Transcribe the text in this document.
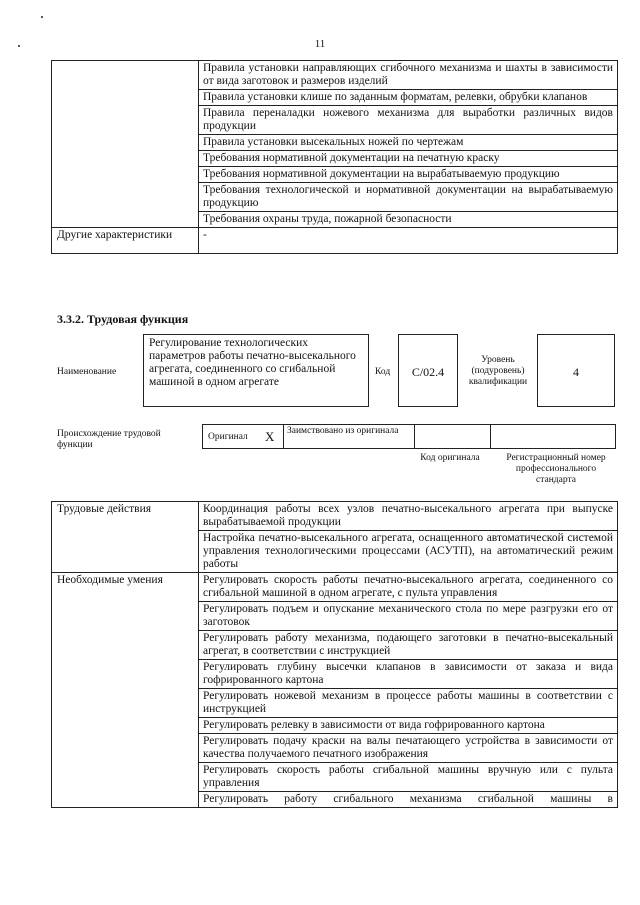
11
	Правила установки направляющих сгибочного механизма и шахты в зависимости от вида заготовок и размеров изделий
	Правила установки клише по заданным форматам, релевки, обрубки клапанов
	Правила переналадки ножевого механизма для выработки различных видов продукции
	Правила установки высекальных ножей по чертежам
	Требования нормативной документации на печатную краску
	Требования нормативной документации на вырабатываемую продукцию
	Требования технологической и нормативной документации на вырабатываемую продукцию
	Требования охраны труда, пожарной безопасности
Другие характеристики	-
3.3.2. Трудовая функция
Наименование
Регулирование технологических параметров работы печатно-высекального агрегата, соединенного со сгибальной машиной в одном агрегате
Код	C/02.4
Уровень (подуровень) квалификации
4
Происхождение трудовой функции
Оригинал X	Заимствовано из оригинала
Код оригинала	Регистрационный номер профессионального стандарта
Трудовые действия	Координация работы всех узлов печатно-высекального агрегата при выпуске вырабатываемой продукции
	Настройка печатно-высекального агрегата, оснащенного автоматической системой управления технологическими процессами (АСУТП), на автоматический режим работы
Необходимые умения	Регулировать скорость работы печатно-высекального агрегата, соединенного со сгибальной машиной в одном агрегате, с пульта управления
	Регулировать подъем и опускание механического стола по мере разгрузки его от заготовок
	Регулировать работу механизма, подающего заготовки в печатно-высекальный агрегат, в соответствии с инструкцией
	Регулировать глубину высечки клапанов в зависимости от заказа и вида гофрированного картона
	Регулировать ножевой механизм в процессе работы машины в соответствии с инструкцией
	Регулировать релевку в зависимости от вида гофрированного картона
	Регулировать подачу краски на валы печатающего устройства в зависимости от качества получаемого печатного изображения
	Регулировать скорость работы сгибальной машины вручную или с пульта управления
	Регулировать работу сгибального механизма сгибальной машины в
